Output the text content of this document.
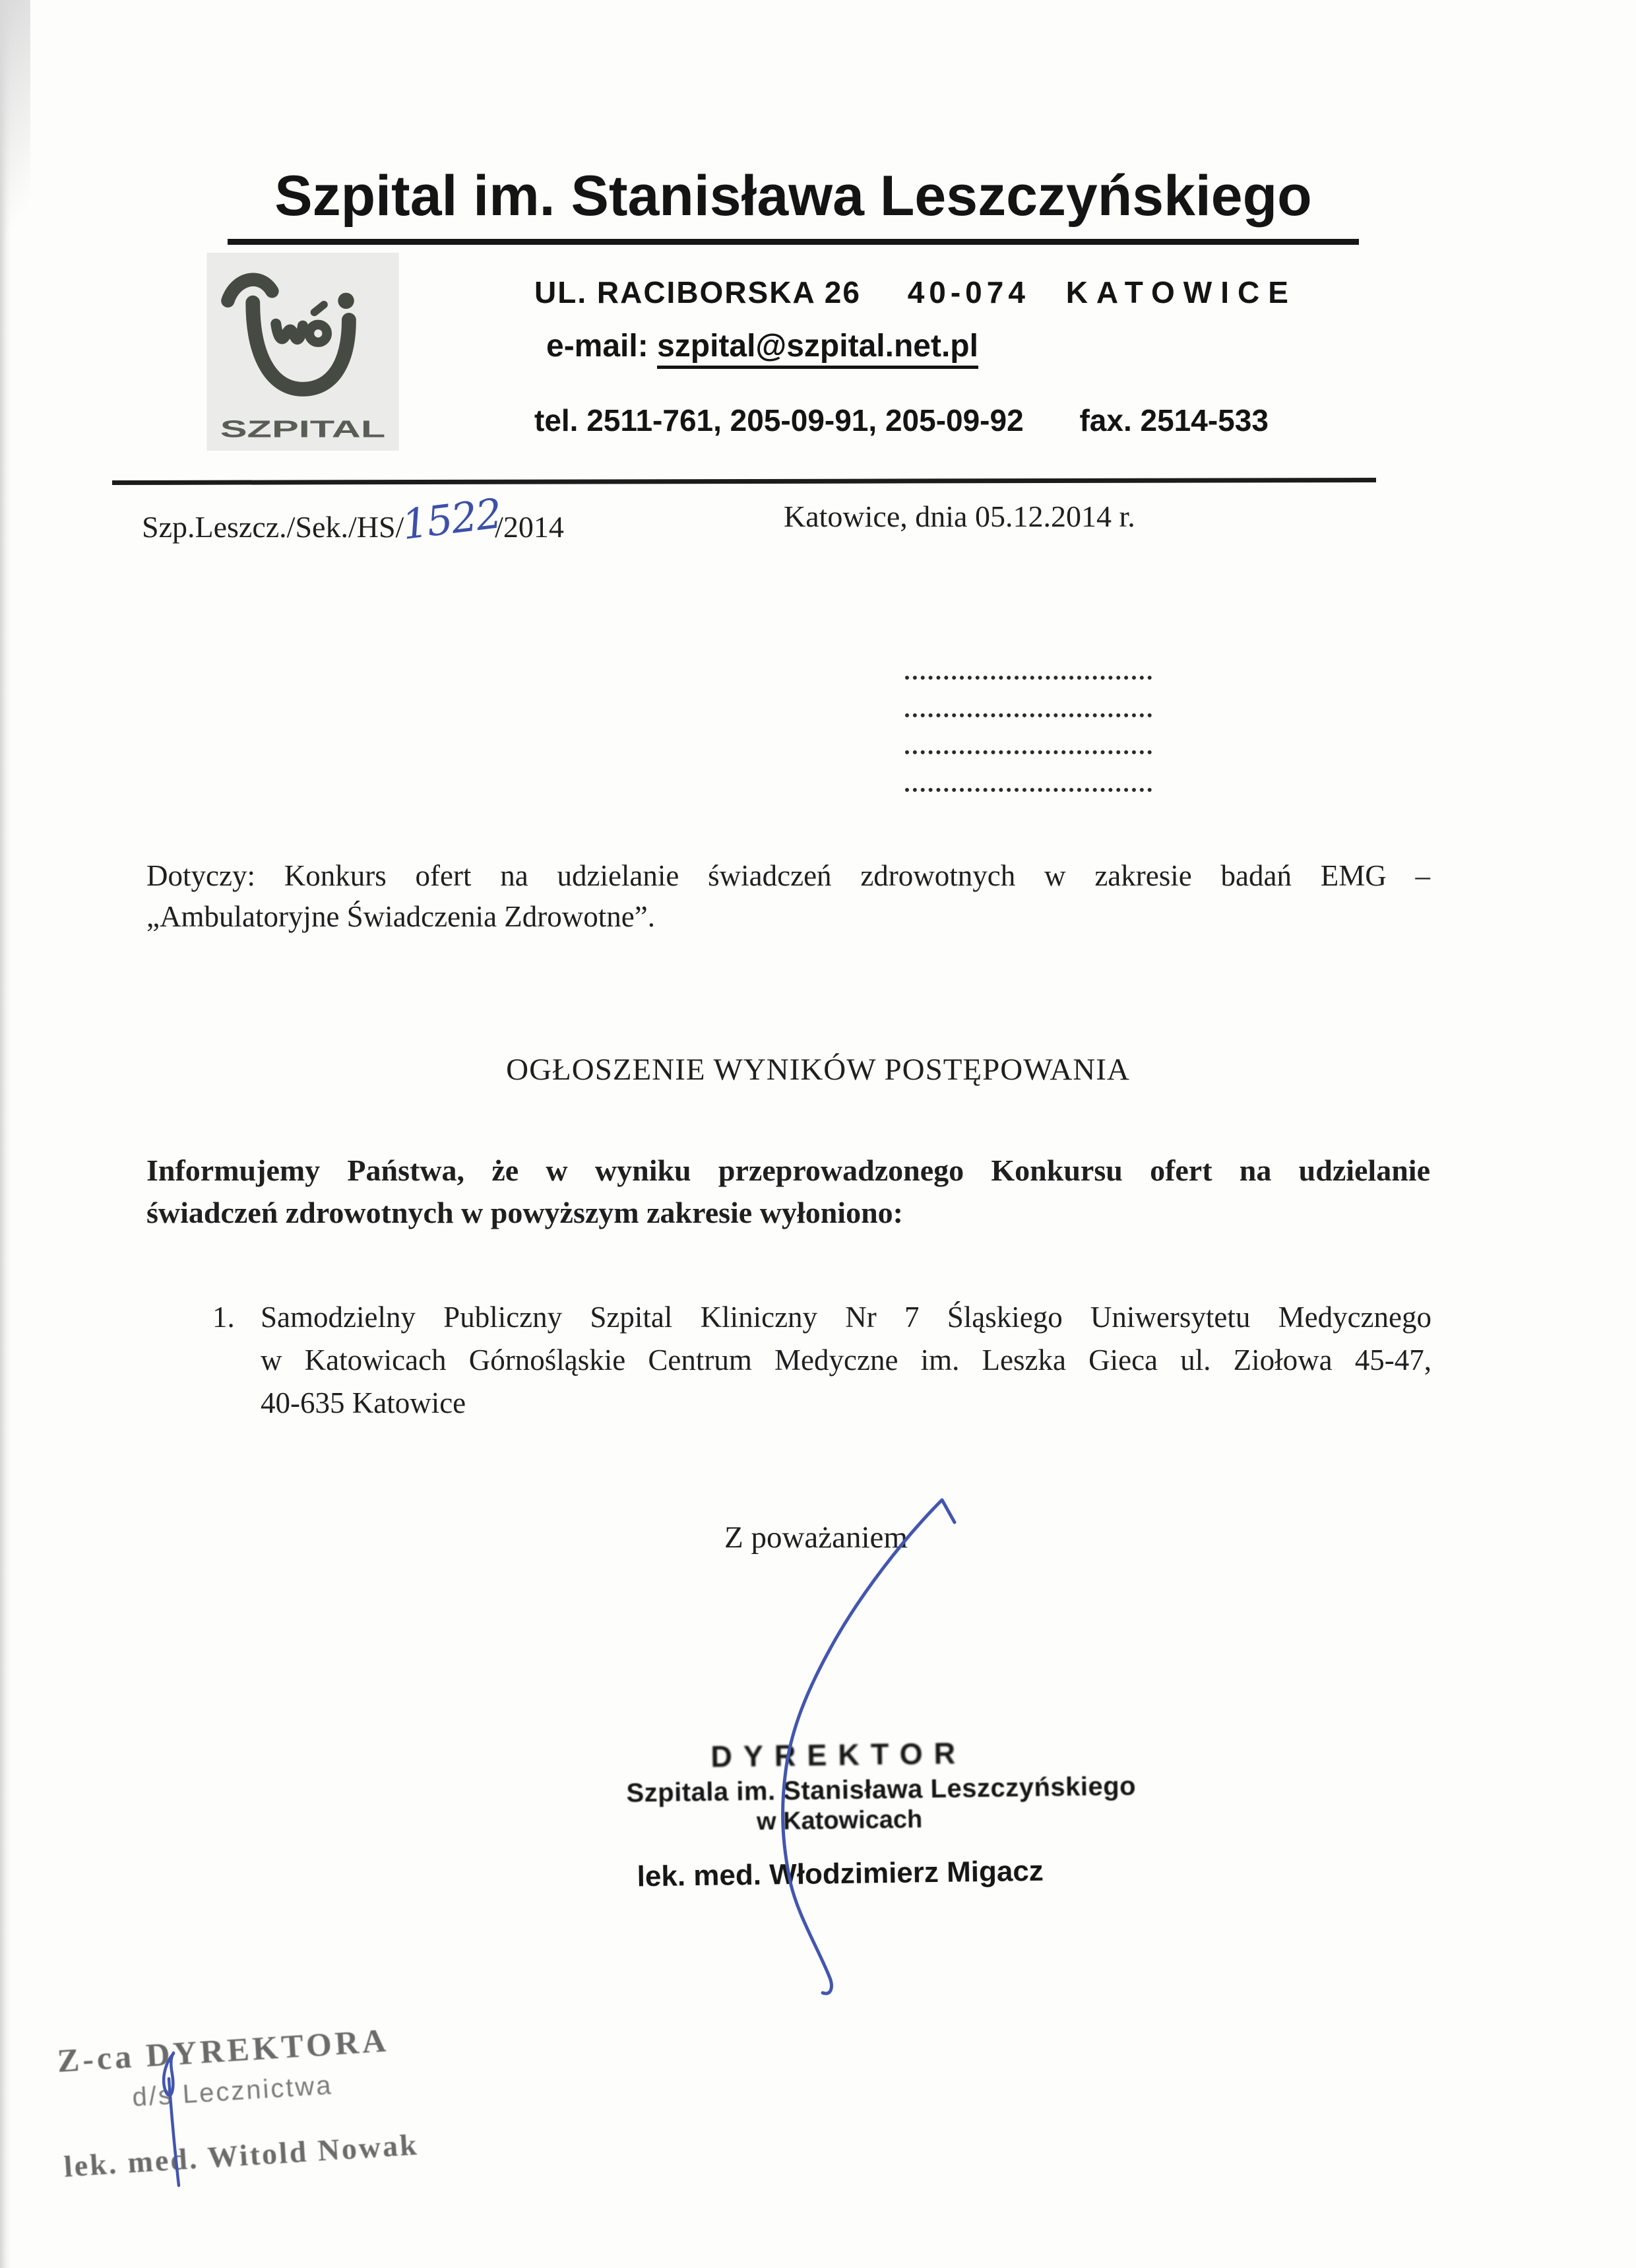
Szpital im. Stanisława Leszczyńskiego
SZPITAL
UL. RACIBORSKA 26 40-074 KATOWICE
e-mail: szpital@szpital.net.pl
tel. 2511-761, 205-09-91, 205-09-92 fax. 2514-533
Szp.Leszcz./Sek./HS/1522/2014	Katowice, dnia 05.12.2014 r.
Dotyczy: Konkurs ofert na udzielanie świadczeń zdrowotnych w zakresie badań EMG –
„Ambulatoryjne Świadczenia Zdrowotne”.
OGŁOSZENIE WYNIKÓW POSTĘPOWANIA
Informujemy Państwa, że w wyniku przeprowadzonego Konkursu ofert na udzielanie
świadczeń zdrowotnych w powyższym zakresie wyłoniono:
1. Samodzielny Publiczny Szpital Kliniczny Nr 7 Śląskiego Uniwersytetu Medycznego
w Katowicach Górnośląskie Centrum Medyczne im. Leszka Gieca ul. Ziołowa 45-47,
40-635 Katowice
Z poważaniem
DYREKTOR
Szpitala im. Stanisława Leszczyńskiego
w Katowicach
lek. med. Włodzimierz Migacz
Z-ca DYREKTORA
d/s Lecznictwa
lek. med. Witold Nowak
